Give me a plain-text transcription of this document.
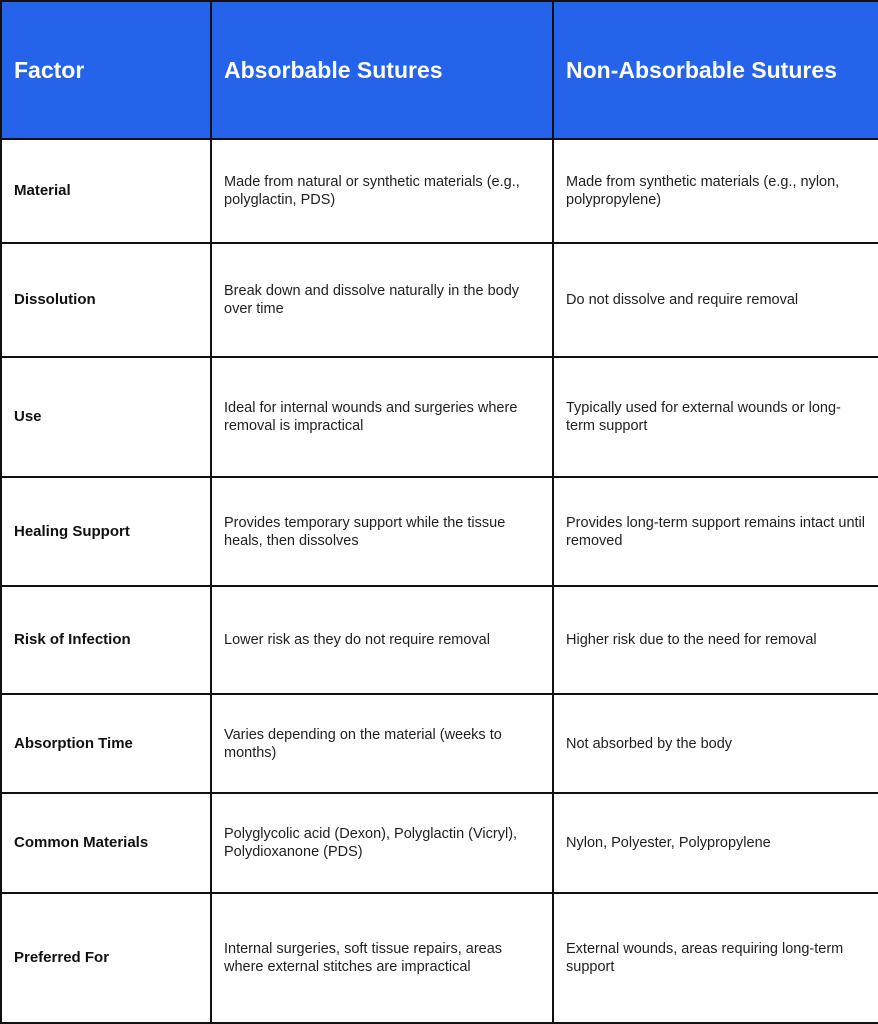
Factor	Absorbable Sutures	Non-Absorbable Sutures
Material	Made from natural or synthetic materials (e.g., polyglactin, PDS)	Made from synthetic materials (e.g., nylon, polypropylene)
Dissolution	Break down and dissolve naturally in the body over time	Do not dissolve and require removal
Use	Ideal for internal wounds and surgeries where removal is impractical	Typically used for external wounds or long-term support
Healing Support	Provides temporary support while the tissue heals, then dissolves	Provides long-term support remains intact until removed
Risk of Infection	Lower risk as they do not require removal	Higher risk due to the need for removal
Absorption Time	Varies depending on the material (weeks to months)	Not absorbed by the body
Common Materials	Polyglycolic acid (Dexon), Polyglactin (Vicryl), Polydioxanone (PDS)	Nylon, Polyester, Polypropylene
Preferred For	Internal surgeries, soft tissue repairs, areas where external stitches are impractical	External wounds, areas requiring long-term support
